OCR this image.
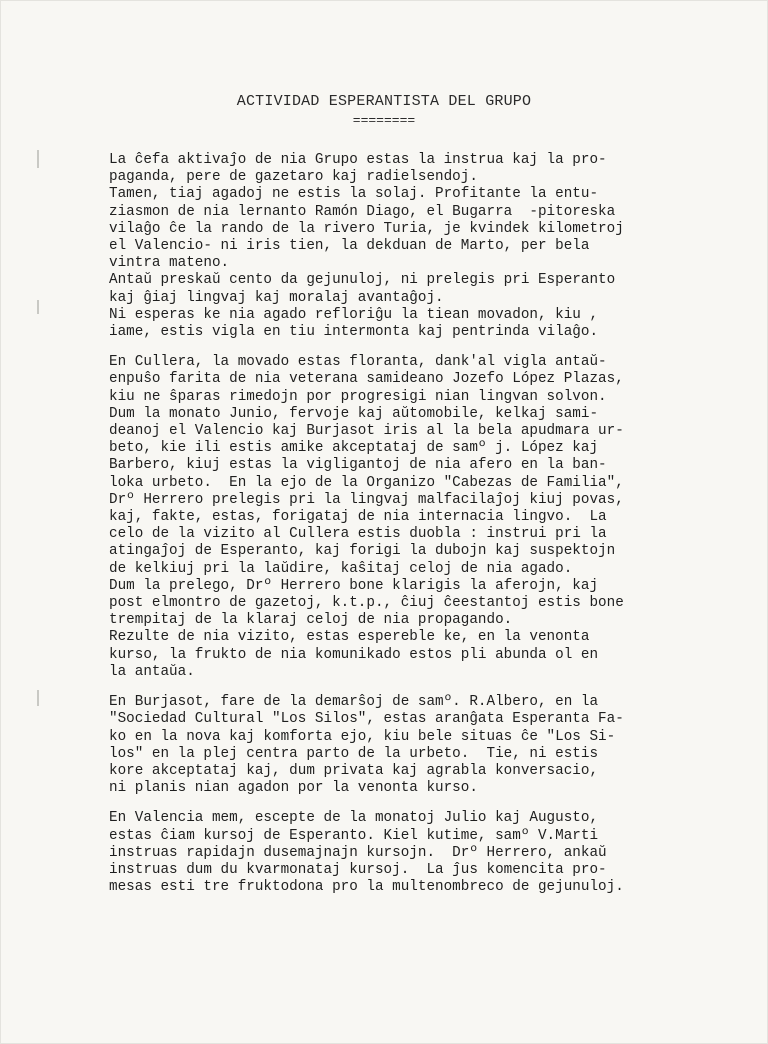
ACTIVIDAD ESPERANTISTA DEL GRUPO
========
La ĉefa aktivaĵo de nia Grupo estas la instrua kaj la pro-
paganda, pere de gazetaro kaj radielsendoj.
Tamen, tiaj agadoj ne estis la solaj. Profitante la entu-
ziasmon de nia lernanto Ramón Diago, el Bugarra  -pitoreska
vilaĝo ĉe la rando de la rivero Turia, je kvindek kilometroj
el Valencio- ni iris tien, la dekduan de Marto, per bela
vintra mateno.
Antaŭ preskaŭ cento da gejunuloj, ni prelegis pri Esperanto
kaj ĝiaj lingvaj kaj moralaj avantaĝoj.
Ni esperas ke nia agado refloriĝu la tiean movadon, kiu ,
iame, estis vigla en tiu intermonta kaj pentrinda vilaĝo.
En Cullera, la movado estas floranta, dank'al vigla antaŭ-
enpuŝo farita de nia veterana samideano Jozefo López Plazas,
kiu ne ŝparas rimedojn por progresigi nian lingvan solvon.
Dum la monato Junio, fervoje kaj aŭtomobile, kelkaj sami-
deanoj el Valencio kaj Burjasot iris al la bela apudmara ur-
beto, kie ili estis amike akceptataj de samº j. López kaj
Barbero, kiuj estas la vigligantoj de nia afero en la ban-
loka urbeto.  En la ejo de la Organizo "Cabezas de Familia",
Drº Herrero prelegis pri la lingvaj malfacilaĵoj kiuj povas,
kaj, fakte, estas, forigataj de nia internacia lingvo.  La
celo de la vizito al Cullera estis duobla : instrui pri la
atingaĵoj de Esperanto, kaj forigi la dubojn kaj suspektojn
de kelkiuj pri la laŭdire, kaŝitaj celoj de nia agado.
Dum la prelego, Drº Herrero bone klarigis la aferojn, kaj
post elmontro de gazetoj, k.t.p., ĉiuj ĉeestantoj estis bone
trempitaj de la klaraj celoj de nia propagando.
Rezulte de nia vizito, estas espereble ke, en la venonta
kurso, la frukto de nia komunikado estos pli abunda ol en
la antaŭa.
En Burjasot, fare de la demarŝoj de samº. R.Albero, en la
"Sociedad Cultural "Los Silos", estas aranĝata Esperanta Fa-
ko en la nova kaj komforta ejo, kiu bele situas ĉe "Los Si-
los" en la plej centra parto de la urbeto.  Tie, ni estis
kore akceptataj kaj, dum privata kaj agrabla konversacio,
ni planis nian agadon por la venonta kurso.
En Valencia mem, escepte de la monatoj Julio kaj Augusto,
estas ĉiam kursoj de Esperanto. Kiel kutime, samº V.Marti
instruas rapidajn dusemajnajn kursojn.  Drº Herrero, ankaŭ
instruas dum du kvarmonataj kursoj.  La ĵus komencita pro-
mesas esti tre fruktodona pro la multenombreco de gejunuloj.
